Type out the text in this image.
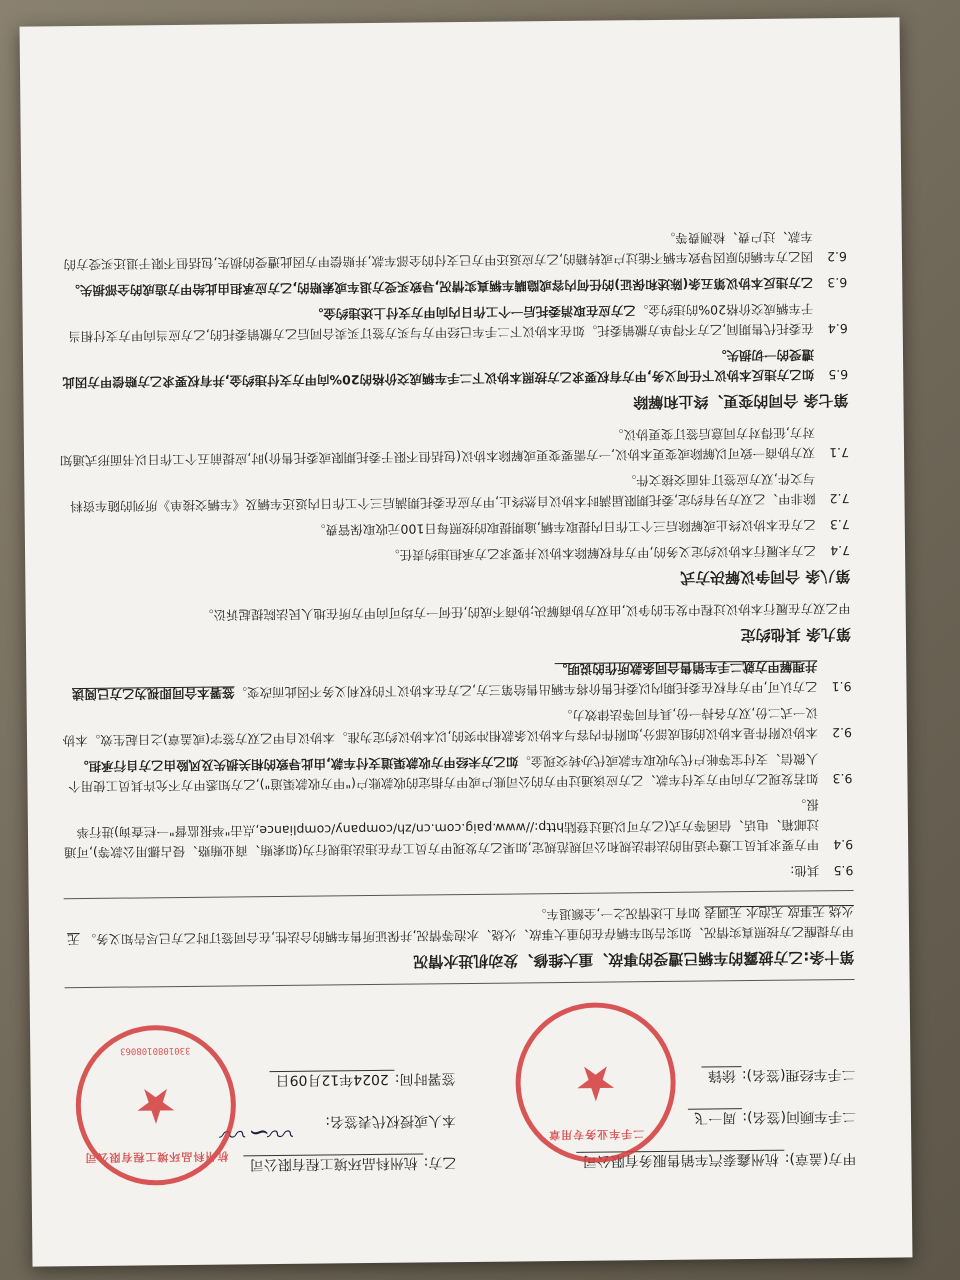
甲方(盖章):杭州鑫泰汽车销售服务有限公司
二手车顾问(签名):周一飞
二手车经理(签名):徐锋
二手车业务专用章
★
乙方:杭州科品环境工程有限公司
本人或授权代表签名:
签署时间:2024年12月09日
〰∽〰
杭州科品环境工程有限公司
★
3301080108063
第十条:乙方披露的车辆已遭受的事故、重大维修、发动机进水情况
甲方提醒乙方按照真实情况、如实告知车辆存在的重大事故、火烧、水泡等情况,并保证所售车辆的合法性,在合同签订时乙方已尽告知义务。 无火烧 无事故 无泡水 无调表 如有上述情况之一,全额退车。
9.5
其他:
9.4
甲方要求其员工遵守适用的法律法规和公司规范规定,如果乙方发现甲方员工存在违法违规行为(如索贿、商业贿赂、侵占挪用公款等),可通过邮箱、电话、信函等方式(乙方可以通过登陆http://www.paig.com.cn/zh/company/compliance,点击"举报监督"一栏查询)进行举报。
9.3
如若发现乙方向甲方支付车款、乙方应该通过甲方的公司账户或甲方指定的收款账户("甲方收款渠道"),乙方知悉甲方不允许其员工使用个人微信、支付宝等帐户代为收取车款或代办转交现金。如乙方未经甲方收款渠道支付车款,由此导致的相关损失及风险由乙方自行承担。
9.2
本协议附件是本协议的组成部分,如附件内容与本协议条款相冲突的,以本协议约定为准。本协议自甲乙双方签字(或盖章)之日起生效。本协议一式二份,双方各持一份,具有同等法律效力。
9.1
乙方认可,甲方有权在委托期内以委托售价将车辆出售给第三方,乙方在本协议下的权利义务不因此而改变。签署本合同即视为乙方已阅读并理解甲方就二手车销售合同条款所作的说明。
第九条 其他约定
甲乙双方在履行本协议过程中发生的争议,由双方协商解决;协商不成的,任何一方均可向甲方所在地人民法院提起诉讼。
第八条 合同争议解决方式
7.4
乙方未履行本协议约定义务的,甲方有权解除本协议并要求乙方承担违约责任。
7.3
乙方在本协议终止或解除后三个工作日内提取车辆,逾期提取的按照每日100元收取保管费。
7.2
除非甲、乙双方另有约定,委托期限届满时本协议自然终止,甲方应在委托期满后三个工作日内返还车辆及《车辆交接单》所列的随车资料与文件,双方应签订书面交接文件。
7.1
双方协商一致可以解除或变更本协议,一方需要变更或解除本协议(包括但不限于委托期限或委托售价)时,应提前五个工作日以书面形式通知对方,征得对方同意后签订变更协议。
第七条 合同的变更、终止和解除
6.5
如乙方违反本协议下任何义务,甲方有权要求乙方按照本协议下二手车辆成交价格的20%向甲方支付违约金,并有权要求乙方赔偿甲方因此遭受的一切损失。
6.4
在委托代售期间,乙方不得单方撤销委托。如在本协议下二手车已经甲方与买方签订买卖合同后乙方撤销委托的,乙方应当向甲方支付相当于车辆成交价格20%的违约金。乙方应在取消委托后一个工作日内向甲方支付上述违约金。
6.3
乙方违反本协议第五条(陈述和保证)的任何内容或隐瞒车辆真实情况,导致买受方退车或索赔的,乙方应承担由此给甲方造成的全部损失。
6.2
因乙方车辆的原因导致车辆不能过户或转籍的,乙方应返还甲方已支付的全部车款,并赔偿甲方因此遭受的损失,包括但不限于退还买受方的车款、过户费、检测费等。
